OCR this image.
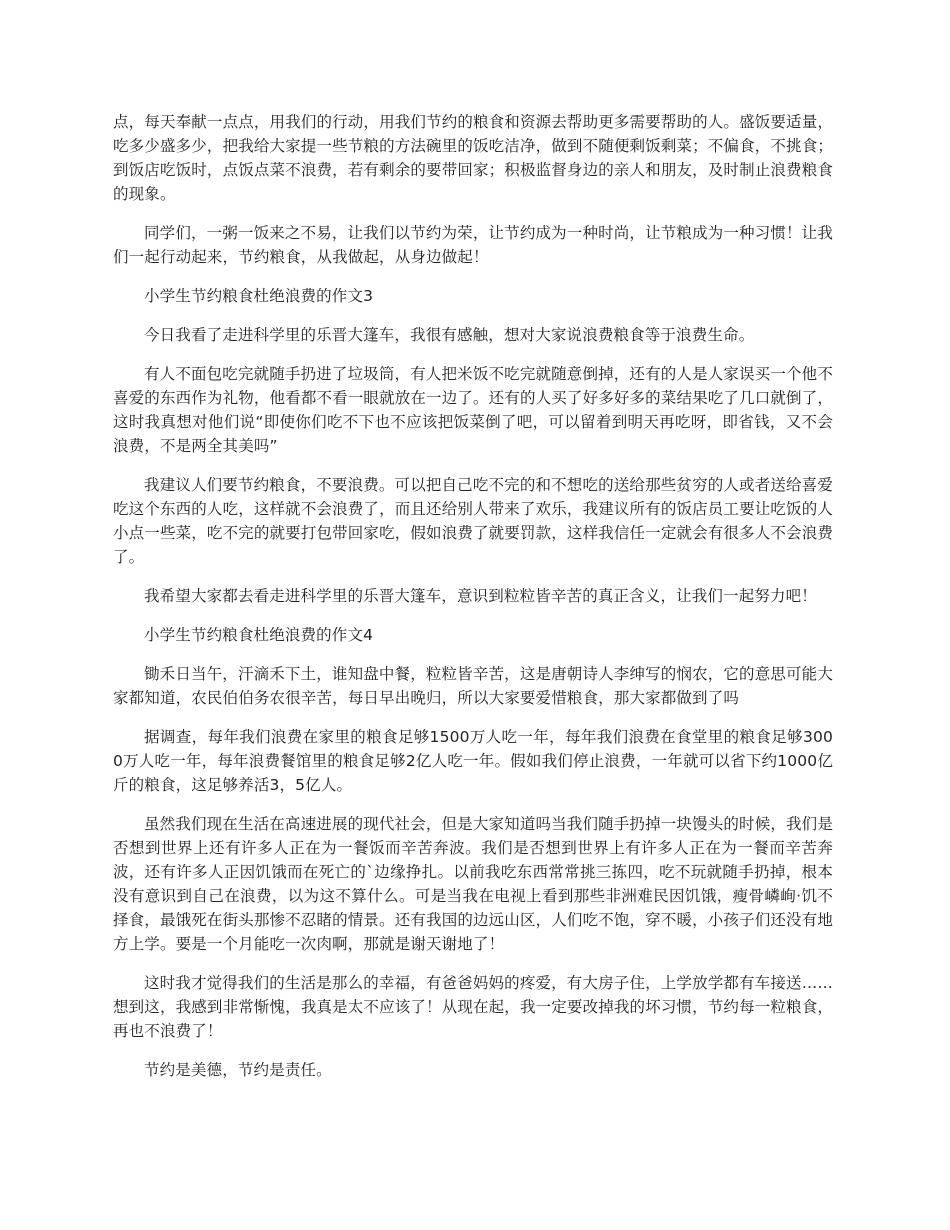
点，每天奉献一点点，用我们的行动，用我们节约的粮食和资源去帮助更多需要帮助的人。盛饭要适量，吃多少盛多少，把我给大家提一些节粮的方法碗里的饭吃洁净，做到不随便剩饭剩菜；不偏食，不挑食；到饭店吃饭时，点饭点菜不浪费，若有剩余的要带回家；积极监督身边的亲人和朋友，及时制止浪费粮食的现象。

同学们，一粥一饭来之不易，让我们以节约为荣，让节约成为一种时尚，让节粮成为一种习惯！让我们一起行动起来，节约粮食，从我做起，从身边做起！

小学生节约粮食杜绝浪费的作文3

今日我看了走进科学里的乐晋大篷车，我很有感触，想对大家说浪费粮食等于浪费生命。

有人不面包吃完就随手扔进了垃圾筒，有人把米饭不吃完就随意倒掉，还有的人是人家误买一个他不喜爱的东西作为礼物，他看都不看一眼就放在一边了。还有的人买了好多好多的菜结果吃了几口就倒了，这时我真想对他们说“即使你们吃不下也不应该把饭菜倒了吧，可以留着到明天再吃呀，即省钱，又不会浪费，不是两全其美吗”

我建议人们要节约粮食，不要浪费。可以把自己吃不完的和不想吃的送给那些贫穷的人或者送给喜爱吃这个东西的人吃，这样就不会浪费了，而且还给别人带来了欢乐，我建议所有的饭店员工要让吃饭的人小点一些菜，吃不完的就要打包带回家吃，假如浪费了就要罚款，这样我信任一定就会有很多人不会浪费了。

我希望大家都去看走进科学里的乐晋大篷车，意识到粒粒皆辛苦的真正含义，让我们一起努力吧！

小学生节约粮食杜绝浪费的作文4

锄禾日当午，汗滴禾下土，谁知盘中餐，粒粒皆辛苦，这是唐朝诗人李绅写的悯农，它的意思可能大家都知道，农民伯伯务农很辛苦，每日早出晚归，所以大家要爱惜粮食，那大家都做到了吗

据调查，每年我们浪费在家里的粮食足够1500万人吃一年，每年我们浪费在食堂里的粮食足够3000万人吃一年，每年浪费餐馆里的粮食足够2亿人吃一年。假如我们停止浪费，一年就可以省下约1000亿斤的粮食，这足够养活3，5亿人。

虽然我们现在生活在高速进展的现代社会，但是大家知道吗当我们随手扔掉一块馒头的时候，我们是否想到世界上还有许多人正在为一餐饭而辛苦奔波。我们是否想到世界上有许多人正在为一餐而辛苦奔波，还有许多人正因饥饿而在死亡的`边缘挣扎。以前我吃东西常常挑三拣四，吃不玩就随手扔掉，根本没有意识到自己在浪费，以为这不算什么。可是当我在电视上看到那些非洲难民因饥饿，瘦骨嶙峋·饥不择食，最饿死在街头那惨不忍睹的情景。还有我国的边远山区，人们吃不饱，穿不暖，小孩子们还没有地方上学。要是一个月能吃一次肉啊，那就是谢天谢地了！

这时我才觉得我们的生活是那么的幸福，有爸爸妈妈的疼爱，有大房子住，上学放学都有车接送……想到这，我感到非常惭愧，我真是太不应该了！从现在起，我一定要改掉我的坏习惯，节约每一粒粮食，再也不浪费了！

节约是美德，节约是责任。
